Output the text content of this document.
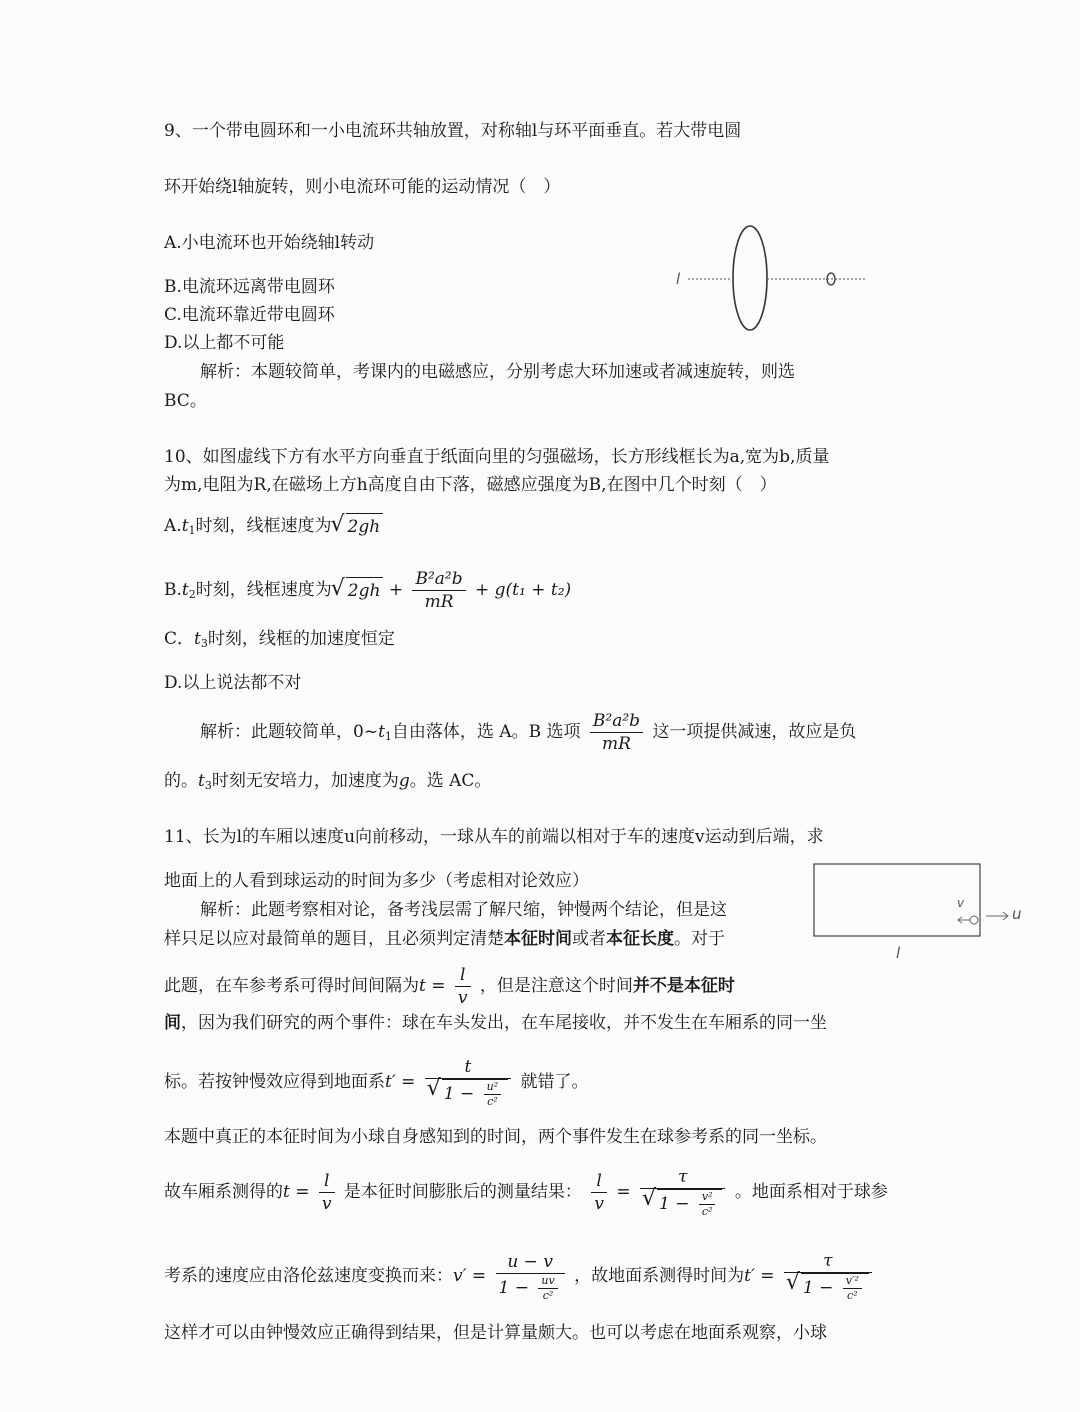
9、一个带电圆环和一小电流环共轴放置，对称轴l与环平面垂直。若大带电圆
环开始绕l轴旋转，则小电流环可能的运动情况（　）
A.小电流环也开始绕轴l转动
B.电流环远离带电圆环
C.电流环靠近带电圆环
D.以上都不可能
解析：本题较简单，考课内的电磁感应，分别考虑大环加速或者减速旋转，则选
BC。
l
10、如图虚线下方有水平方向垂直于纸面向里的匀强磁场，长方形线框长为a,宽为b,质量
为m,电阻为R,在磁场上方h高度自由下落，磁感应强度为B,在图中几个时刻（　）
$A.t_1$时刻，线框速度为 √ 2gh
$B.t_2$时刻，线框速度为 √ $2gh + \frac{\text{B²a²b}}{mR} + g(t_1 + t_2)$
C．$t_3$时刻，线框的加速度恒定
D.以上说法都不对
解析：此题较简单，$0\sim t_1$自由落体，选 A。B 选项 $\frac{\text{B²a²b}}{mR}$ 这一项提供减速，故应是负
的。$t_3$时刻无安培力，加速度为g。选 AC。
11、长为l的车厢以速度u向前移动，一球从车的前端以相对于车的速度v运动到后端，求
地面上的人看到球运动的时间为多少（考虑相对论效应）
解析：此题考察相对论，备考浅层需了解尺缩，钟慢两个结论，但是这
样只足以应对最简单的题目，且必须判定清楚本征时间或者本征长度。对于
此题，在车参考系可得时间间隔为$t = \frac{l}{v}$ ，但是注意这个时间并不是本征时
间，因为我们研究的两个事件：球在车头发出，在车尾接收，并不发生在车厢系的同一坐
标。若按钟慢效应得到地面系t′ = t
√ $1 - \frac{\text{u²}}{\text{c²}}$ 就错了。
本题中真正的本征时间为小球自身感知到的时间，两个事件发生在球参考系的同一坐标。
故车厢系测得的$t = \frac{l}{v}$ 是本征时间膨胀后的测量结果： $\frac{l}{v} = \tau$
√ $1 - \frac{\text{v²}}{\text{c²}}$ 。地面系相对于球参
考系的速度应由洛伦兹速度变换而来：$v' = \frac{u - v}{1 - \frac{uv}{\text{c²}}}$ ，故地面系测得时间为t′ = τ
√ $1 - \frac{\text{v′²}}{\text{c²}}$
这样才可以由钟慢效应正确得到结果，但是计算量颇大。也可以考虑在地面系观察，小球
v
u
l
